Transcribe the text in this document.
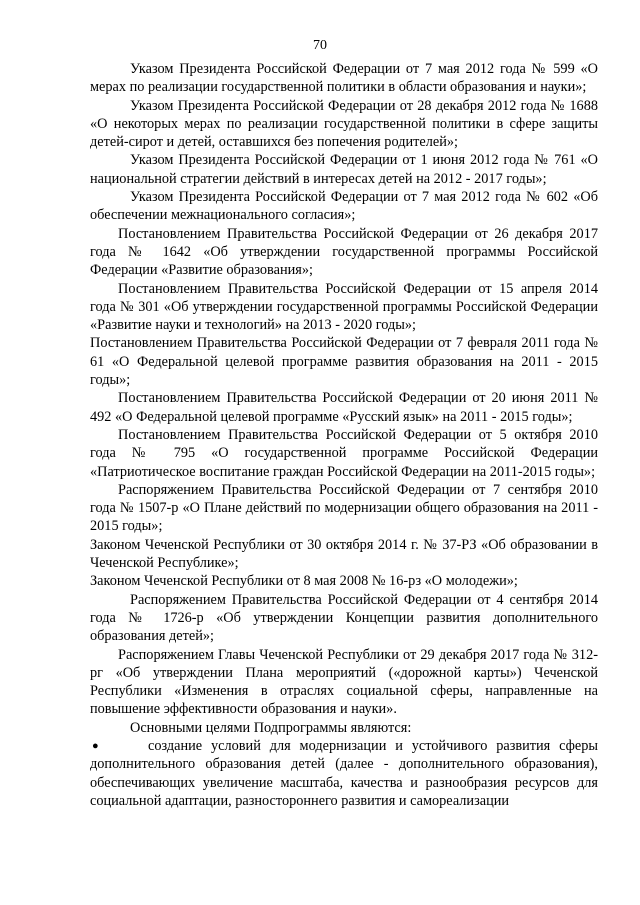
70

Указом Президента Российской Федерации от 7 мая 2012 года № 599 «О мерах по реализации государственной политики в области образования и науки»;

Указом Президента Российской Федерации от 28 декабря 2012 года № 1688 «О некоторых мерах по реализации государственной политики в сфере защиты детей-сирот и детей, оставшихся без попечения родителей»;

Указом Президента Российской Федерации от 1 июня 2012 года № 761 «О национальной стратегии действий в интересах детей на 2012 - 2017 годы»;

Указом Президента Российской Федерации от 7 мая 2012 года № 602 «Об обеспечении межнационального согласия»;

Постановлением Правительства Российской Федерации от 26 декабря 2017 года № 1642 «Об утверждении государственной программы Российской Федерации «Развитие образования»;

Постановлением Правительства Российской Федерации от 15 апреля 2014 года № 301 «Об утверждении государственной программы Российской Федерации «Развитие науки и технологий» на 2013 - 2020 годы»;

Постановлением Правительства Российской Федерации от 7 февраля 2011 года № 61 «О Федеральной целевой программе развития образования на 2011 - 2015 годы»;

Постановлением Правительства Российской Федерации от 20 июня 2011 № 492 «О Федеральной целевой программе «Русский язык» на 2011 - 2015 годы»;

Постановлением Правительства Российской Федерации от 5 октября 2010 года № 795 «О государственной программе Российской Федерации «Патриотическое воспитание граждан Российской Федерации на 2011-2015 годы»;

Распоряжением Правительства Российской Федерации от 7 сентября 2010 года № 1507-р «О Плане действий по модернизации общего образования на 2011 - 2015 годы»;

Законом Чеченской Республики от 30 октября 2014 г. № 37-РЗ «Об образовании в Чеченской Республике»;

Законом Чеченской Республики от 8 мая 2008 № 16-рз «О молодежи»;

Распоряжением Правительства Российской Федерации от 4 сентября 2014 года № 1726-р «Об утверждении Концепции развития дополнительного образования детей»;

Распоряжением Главы Чеченской Республики от 29 декабря 2017 года № 312-рг «Об утверждении Плана мероприятий («дорожной карты») Чеченской Республики «Изменения в отраслях социальной сферы, направленные на повышение эффективности образования и науки».

Основными целями Подпрограммы являются:

●	создание условий для модернизации и устойчивого развития сферы дополнительного образования детей (далее - дополнительного образования), обеспечивающих увеличение масштаба, качества и разнообразия ресурсов для социальной адаптации, разностороннего развития и самореализации
